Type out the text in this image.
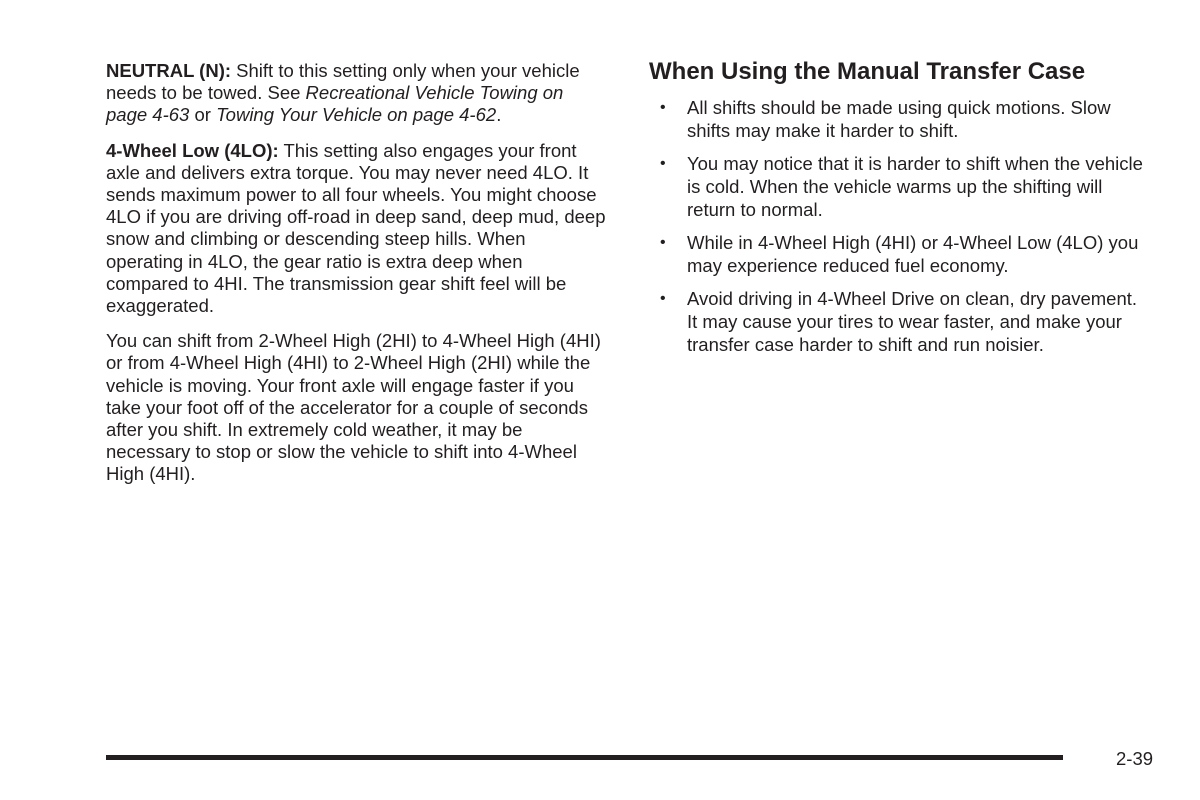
NEUTRAL (N): Shift to this setting only when your vehicle needs to be towed. See Recreational Vehicle Towing on page 4-63 or Towing Your Vehicle on page 4-62.

4-Wheel Low (4LO): This setting also engages your front axle and delivers extra torque. You may never need 4LO. It sends maximum power to all four wheels. You might choose 4LO if you are driving off-road in deep sand, deep mud, deep snow and climbing or descending steep hills. When operating in 4LO, the gear ratio is extra deep when compared to 4HI. The transmission gear shift feel will be exaggerated.

You can shift from 2-Wheel High (2HI) to 4-Wheel High (4HI) or from 4-Wheel High (4HI) to 2-Wheel High (2HI) while the vehicle is moving. Your front axle will engage faster if you take your foot off of the accelerator for a couple of seconds after you shift. In extremely cold weather, it may be necessary to stop or slow the vehicle to shift into 4-Wheel High (4HI).

When Using the Manual Transfer Case
• All shifts should be made using quick motions. Slow shifts may make it harder to shift.
• You may notice that it is harder to shift when the vehicle is cold. When the vehicle warms up the shifting will return to normal.
• While in 4-Wheel High (4HI) or 4-Wheel Low (4LO) you may experience reduced fuel economy.
• Avoid driving in 4-Wheel Drive on clean, dry pavement. It may cause your tires to wear faster, and make your transfer case harder to shift and run noisier.
2-39
